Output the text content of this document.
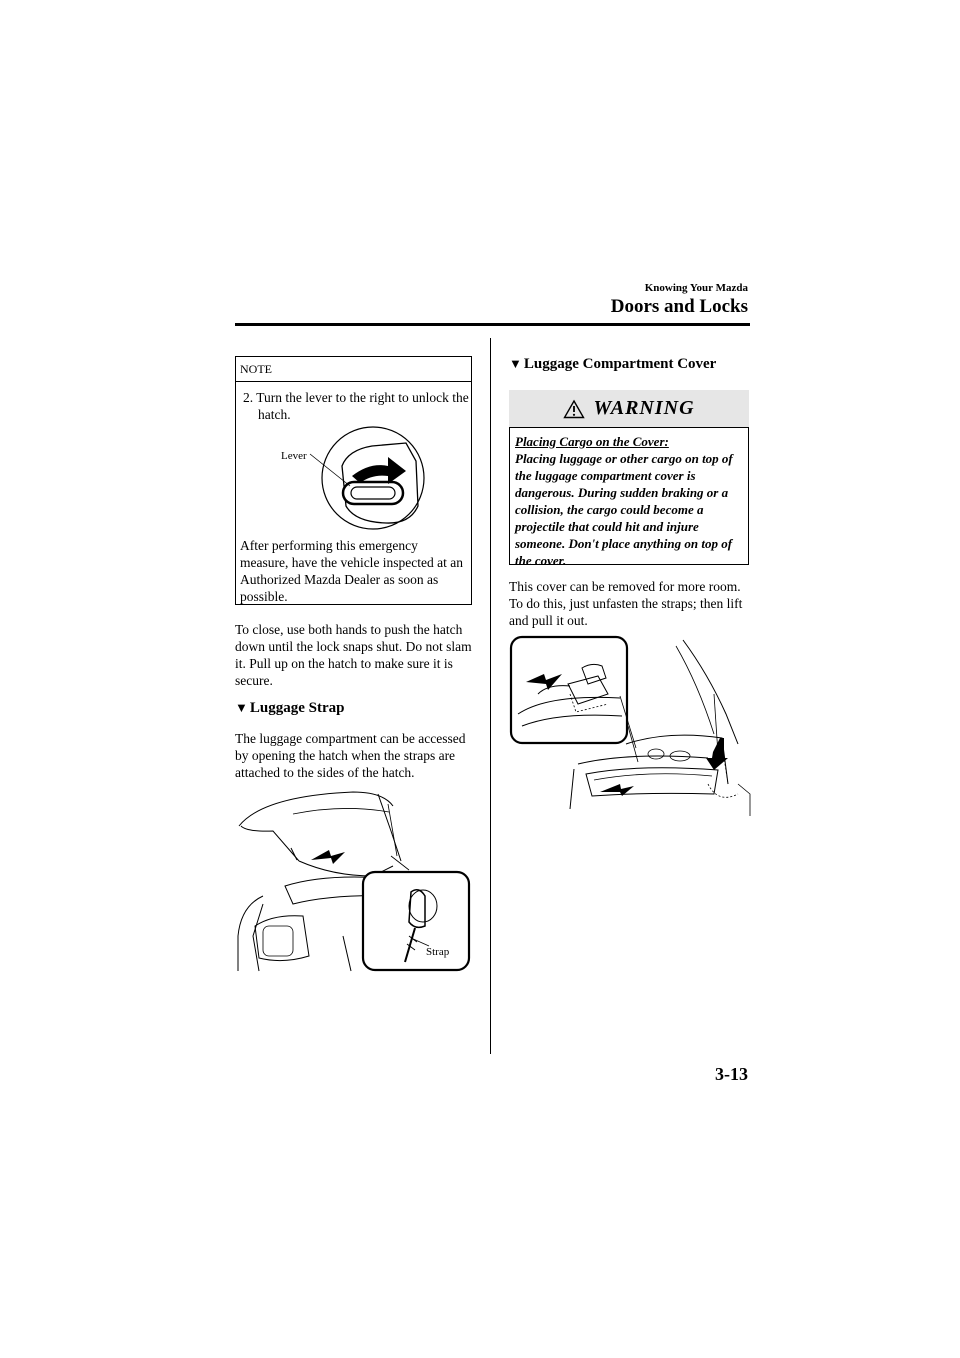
Knowing Your Mazda
Doors and Locks
NOTE
2. Turn the lever to the right to unlock the hatch.
Lever
After performing this emergency measure, have the vehicle inspected at an Authorized Mazda Dealer as soon as possible.
To close, use both hands to push the hatch down until the lock snaps shut. Do not slam it. Pull up on the hatch to make sure it is secure.
▼ Luggage Strap
The luggage compartment can be accessed by opening the hatch when the straps are attached to the sides of the hatch.
Strap
▼ Luggage Compartment Cover
WARNING
Placing Cargo on the Cover:
Placing luggage or other cargo on top of the luggage compartment cover is dangerous. During sudden braking or a collision, the cargo could become a projectile that could hit and injure someone. Don't place anything on top of the cover.
This cover can be removed for more room. To do this, just unfasten the straps; then lift and pull it out.
3-13
